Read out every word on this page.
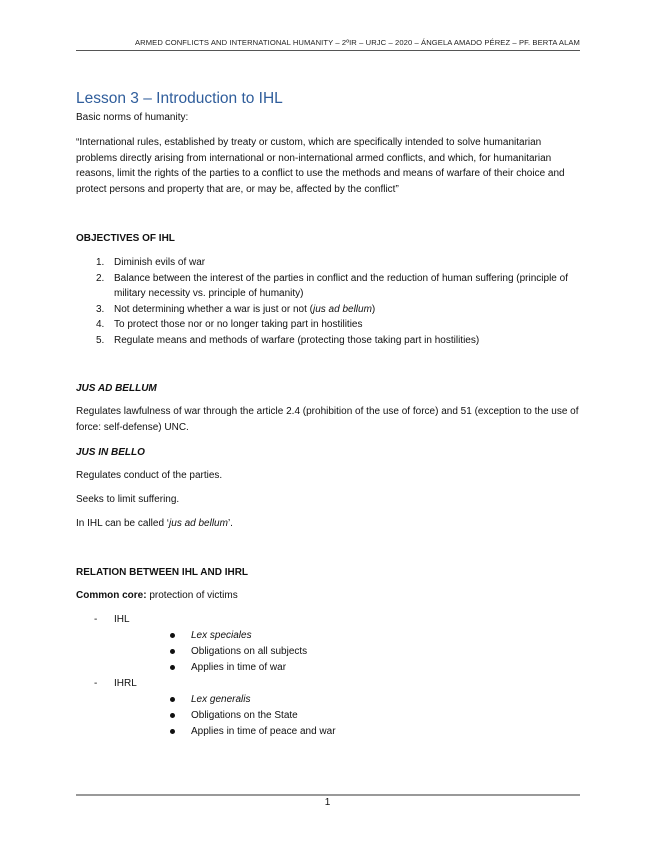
ARMED CONFLICTS AND INTERNATIONAL HUMANITY – 2ºIR – URJC – 2020 – ÁNGELA AMADO PÉREZ – PF. BERTA ALAM
Lesson 3 – Introduction to IHL
Basic norms of humanity:
“International rules, established by treaty or custom, which are specifically intended to solve humanitarian problems directly arising from international or non-international armed conflicts, and which, for humanitarian reasons, limit the rights of the parties to a conflict to use the methods and means of warfare of their choice and protect persons and property that are, or may be, affected by the conflict”
OBJECTIVES OF IHL
1. Diminish evils of war
2. Balance between the interest of the parties in conflict and the reduction of human suffering (principle of military necessity vs. principle of humanity)
3. Not determining whether a war is just or not (jus ad bellum)
4. To protect those nor or no longer taking part in hostilities
5. Regulate means and methods of warfare (protecting those taking part in hostilities)
JUS AD BELLUM
Regulates lawfulness of war through the article 2.4 (prohibition of the use of force) and 51 (exception to the use of force: self-defense) UNC.
JUS IN BELLO
Regulates conduct of the parties.
Seeks to limit suffering.
In IHL can be called ‘jus ad bellum’.
RELATION BETWEEN IHL AND IHRL
Common core: protection of victims
- IHL
Lex speciales
Obligations on all subjects
Applies in time of war
- IHRL
Lex generalis
Obligations on the State
Applies in time of peace and war
1
